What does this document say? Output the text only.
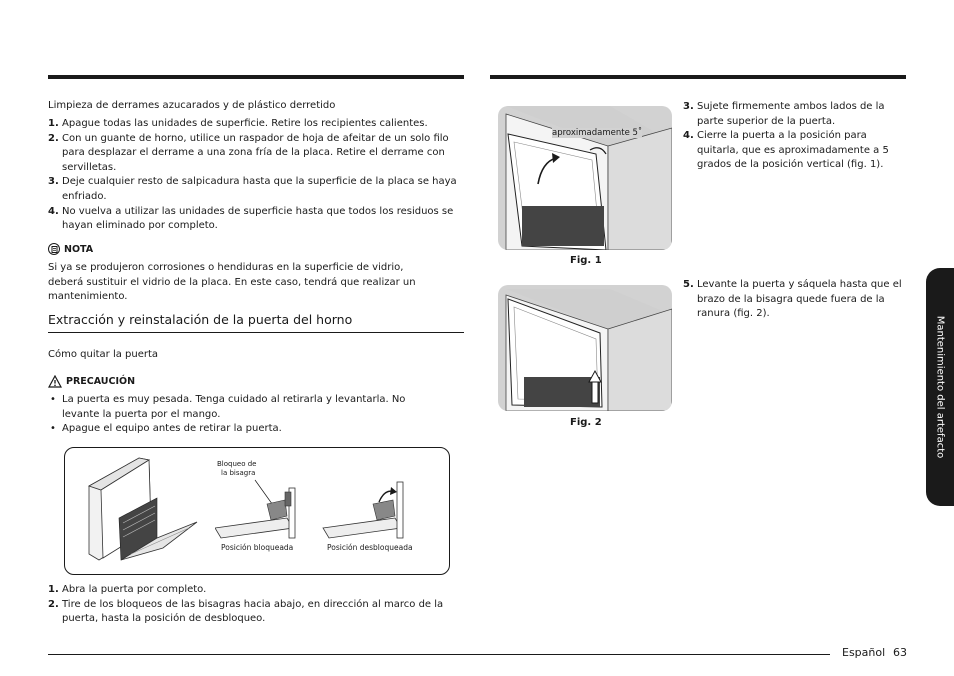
Limpieza de derrames azucarados y de plástico derretido
1. Apague todas las unidades de superficie. Retire los recipientes calientes.
2. Con un guante de horno, utilice un raspador de hoja de afeitar de un solo filo para desplazar el derrame a una zona fría de la placa. Retire el derrame con servilletas.
3. Deje cualquier resto de salpicadura hasta que la superficie de la placa se haya enfriado.
4. No vuelva a utilizar las unidades de superficie hasta que todos los residuos se hayan eliminado por completo.
NOTA
Si ya se produjeron corrosiones o hendiduras en la superficie de vidrio, deberá sustituir el vidrio de la placa. En este caso, tendrá que realizar un mantenimiento.
Extracción y reinstalación de la puerta del horno
Cómo quitar la puerta
PRECAUCIÓN
• La puerta es muy pesada. Tenga cuidado al retirarla y levantarla. No levante la puerta por el mango.
• Apague el equipo antes de retirar la puerta.
Bloqueo de
la bisagra
Posición bloqueada	Posición desbloqueada
1. Abra la puerta por completo.
2. Tire de los bloqueos de las bisagras hacia abajo, en dirección al marco de la puerta, hasta la posición de desbloqueo.
aproximadamente 5˚
Fig. 1
Fig. 2
3. Sujete firmemente ambos lados de la parte superior de la puerta.
4. Cierre la puerta a la posición para quitarla, que es aproximadamente a 5 grados de la posición vertical (fig. 1).
5. Levante la puerta y sáquela hasta que el brazo de la bisagra quede fuera de la ranura (fig. 2).
Mantenimiento del artefacto
Español 63
